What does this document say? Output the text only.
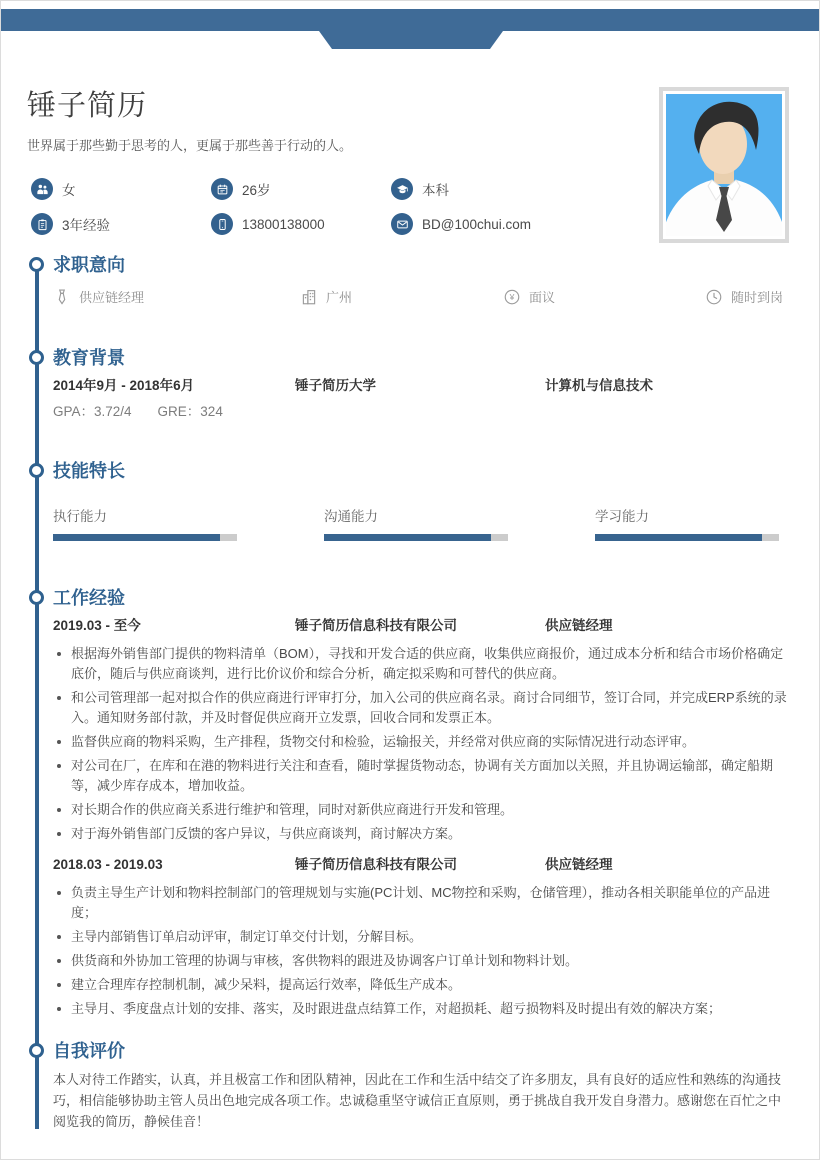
锤子简历

世界属于那些勤于思考的人，更属于那些善于行动的人。

女	26岁	本科
3年经验	13800138000	BD@100chui.com
求职意向
供应链经理	广州	¥ 面议	随时到岗
教育背景
2014年9月 - 2018年6月	锤子简历大学	计算机与信息技术
GPA：3.72/4 GRE：324
技能特长
执行能力	沟通能力	学习能力
工作经验
2019.03 - 至今	锤子简历信息科技有限公司	供应链经理
根据海外销售部门提供的物料清单（BOM），寻找和开发合适的供应商，收集供应商报价，通过成本分析和结合市场价格确定底价，随后与供应商谈判，进行比价议价和综合分析，确定拟采购和可替代的供应商。
和公司管理部一起对拟合作的供应商进行评审打分，加入公司的供应商名录。商讨合同细节，签订合同，并完成ERP系统的录入。通知财务部付款，并及时督促供应商开立发票，回收合同和发票正本。
监督供应商的物料采购，生产排程，货物交付和检验，运输报关，并经常对供应商的实际情况进行动态评审。
对公司在厂，在库和在港的物料进行关注和查看，随时掌握货物动态，协调有关方面加以关照，并且协调运输部，确定船期等，减少库存成本，增加收益。
对长期合作的供应商关系进行维护和管理，同时对新供应商进行开发和管理。
对于海外销售部门反馈的客户异议，与供应商谈判，商讨解决方案。
2018.03 - 2019.03	锤子简历信息科技有限公司	供应链经理
负责主导生产计划和物料控制部门的管理规划与实施(PC计划、MC物控和采购，仓储管理），推动各相关职能单位的产品进度；
主导内部销售订单启动评审，制定订单交付计划，分解目标。
供货商和外协加工管理的协调与审核，客供物料的跟进及协调客户订单计划和物料计划。
建立合理库存控制机制，减少呆料，提高运行效率，降低生产成本。
主导月、季度盘点计划的安排、落实，及时跟进盘点结算工作，对超损耗、超亏损物料及时提出有效的解决方案；
自我评价

本人对待工作踏实，认真，并且极富工作和团队精神，因此在工作和生活中结交了许多朋友，具有良好的适应性和熟练的沟通技巧，相信能够协助主管人员出色地完成各项工作。忠诚稳重坚守诚信正直原则，勇于挑战自我开发自身潜力。感谢您在百忙之中阅览我的简历，静候佳音！
